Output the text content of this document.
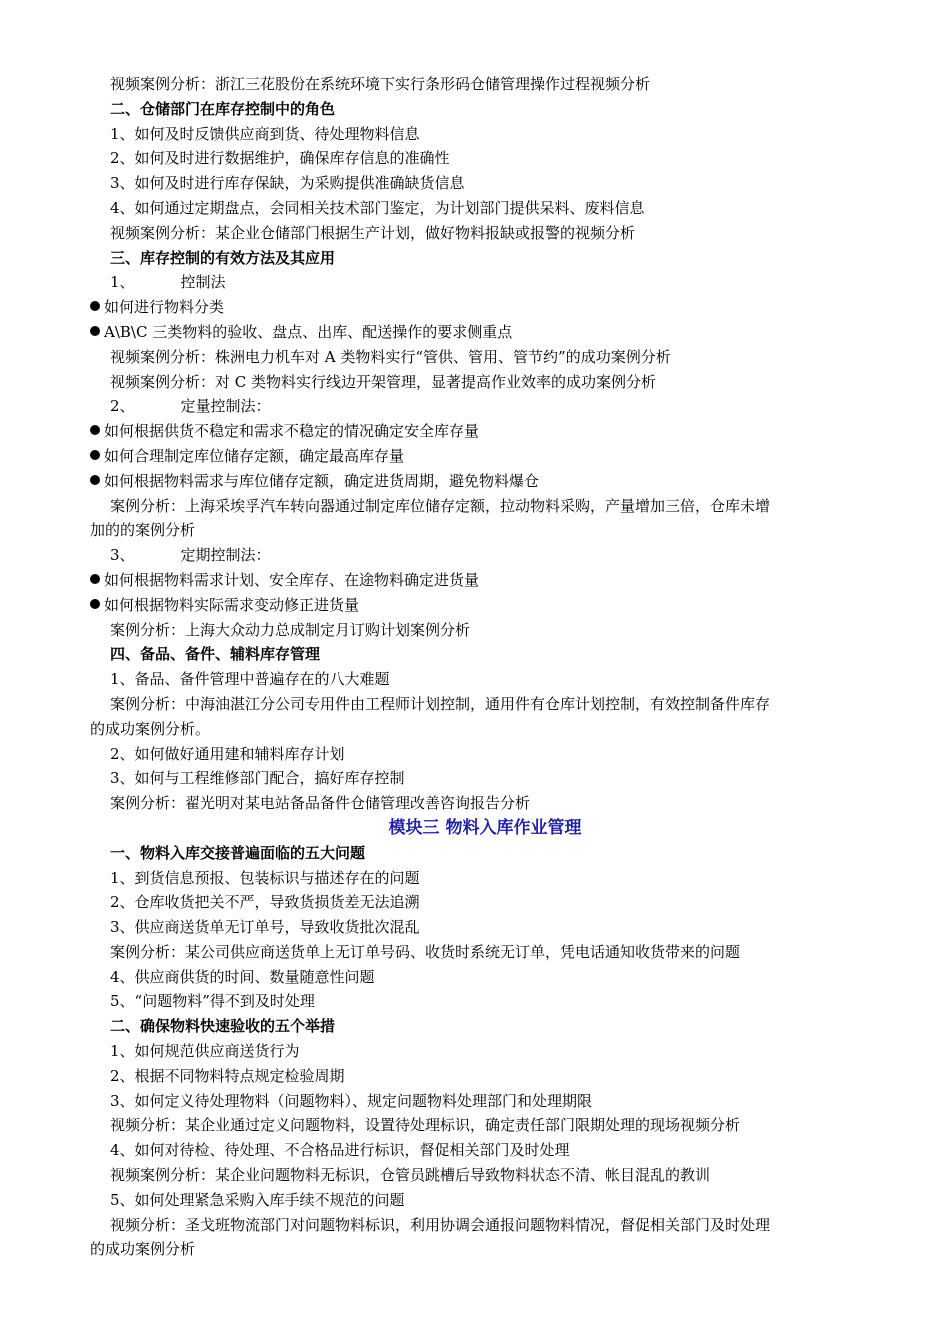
视频案例分析：浙江三花股份在系统环境下实行条形码仓储管理操作过程视频分析
二、仓储部门在库存控制中的角色
1、如何及时反馈供应商到货、待处理物料信息
2、如何及时进行数据维护，确保库存信息的准确性
3、如何及时进行库存保缺，为采购提供准确缺货信息
4、如何通过定期盘点，会同相关技术部门鉴定，为计划部门提供呆料、废料信息
视频案例分析：某企业仓储部门根据生产计划，做好物料报缺或报警的视频分析
三、库存控制的有效方法及其应用
1、	控制法
如何进行物料分类
A\B\C 三类物料的验收、盘点、出库、配送操作的要求侧重点
视频案例分析：株洲电力机车对 A 类物料实行“管供、管用、管节约”的成功案例分析
视频案例分析：对 C 类物料实行线边开架管理，显著提高作业效率的成功案例分析
2、	定量控制法：
如何根据供货不稳定和需求不稳定的情况确定安全库存量
如何合理制定库位储存定额，确定最高库存量
如何根据物料需求与库位储存定额，确定进货周期，避免物料爆仓
案例分析：上海采埃孚汽车转向器通过制定库位储存定额，拉动物料采购，产量增加三倍，仓库未增
加的的案例分析
3、	定期控制法：
如何根据物料需求计划、安全库存、在途物料确定进货量
如何根据物料实际需求变动修正进货量
案例分析：上海大众动力总成制定月订购计划案例分析
四、备品、备件、辅料库存管理
1、备品、备件管理中普遍存在的八大难题
案例分析：中海油湛江分公司专用件由工程师计划控制，通用件有仓库计划控制，有效控制备件库存
的成功案例分析。
2、如何做好通用建和辅料库存计划
3、如何与工程维修部门配合，搞好库存控制
案例分析：翟光明对某电站备品备件仓储管理改善咨询报告分析
模块三 物料入库作业管理
一、物料入库交接普遍面临的五大问题
1、到货信息预报、包装标识与描述存在的问题
2、仓库收货把关不严，导致货损货差无法追溯
3、供应商送货单无订单号，导致收货批次混乱
案例分析：某公司供应商送货单上无订单号码、收货时系统无订单，凭电话通知收货带来的问题
4、供应商供货的时间、数量随意性问题
5、“问题物料”得不到及时处理
二、确保物料快速验收的五个举措
1、如何规范供应商送货行为
2、根据不同物料特点规定检验周期
3、如何定义待处理物料（问题物料）、规定问题物料处理部门和处理期限
视频分析：某企业通过定义问题物料，设置待处理标识，确定责任部门限期处理的现场视频分析
4、如何对待检、待处理、不合格品进行标识，督促相关部门及时处理
视频案例分析：某企业问题物料无标识，仓管员跳槽后导致物料状态不清、帐目混乱的教训
5、如何处理紧急采购入库手续不规范的问题
视频分析：圣戈班物流部门对问题物料标识，利用协调会通报问题物料情况，督促相关部门及时处理
的成功案例分析
